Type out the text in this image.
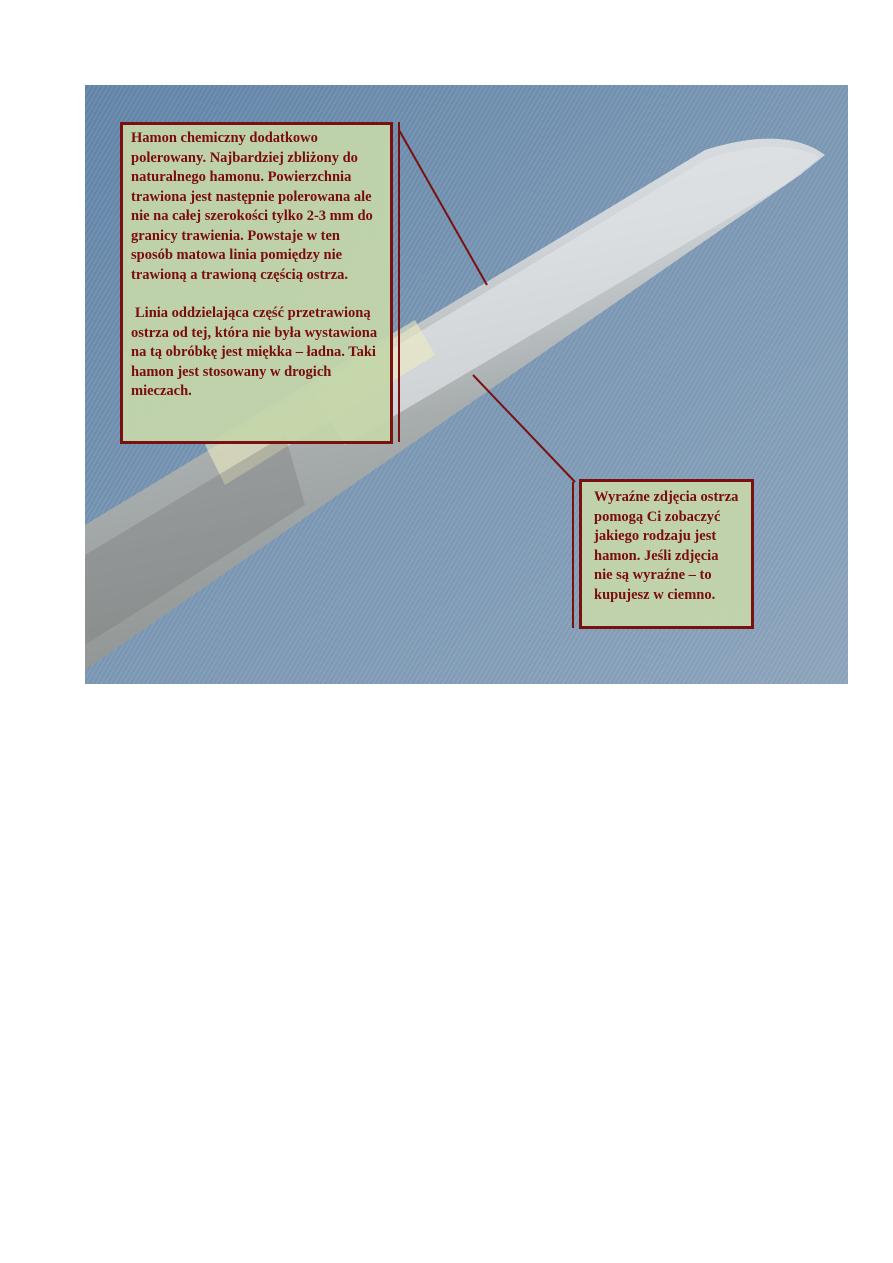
Hamon chemiczny dodatkowo polerowany. Najbardziej zbliżony do naturalnego hamonu. Powierzchnia trawiona jest następnie polerowana ale nie na całej szerokości tylko 2-3 mm do granicy trawienia. Powstaje w ten sposób matowa linia pomiędzy nie trawioną a trawioną częścią ostrza.

Linia oddzielająca część przetrawioną ostrza od tej, która nie była wystawiona na tą obróbkę jest miękka – ładna. Taki hamon jest stosowany w drogich mieczach.

Wyraźne zdjęcia ostrza pomogą Ci zobaczyć jakiego rodzaju jest hamon. Jeśli zdjęcia nie są wyraźne – to kupujesz w ciemno.
